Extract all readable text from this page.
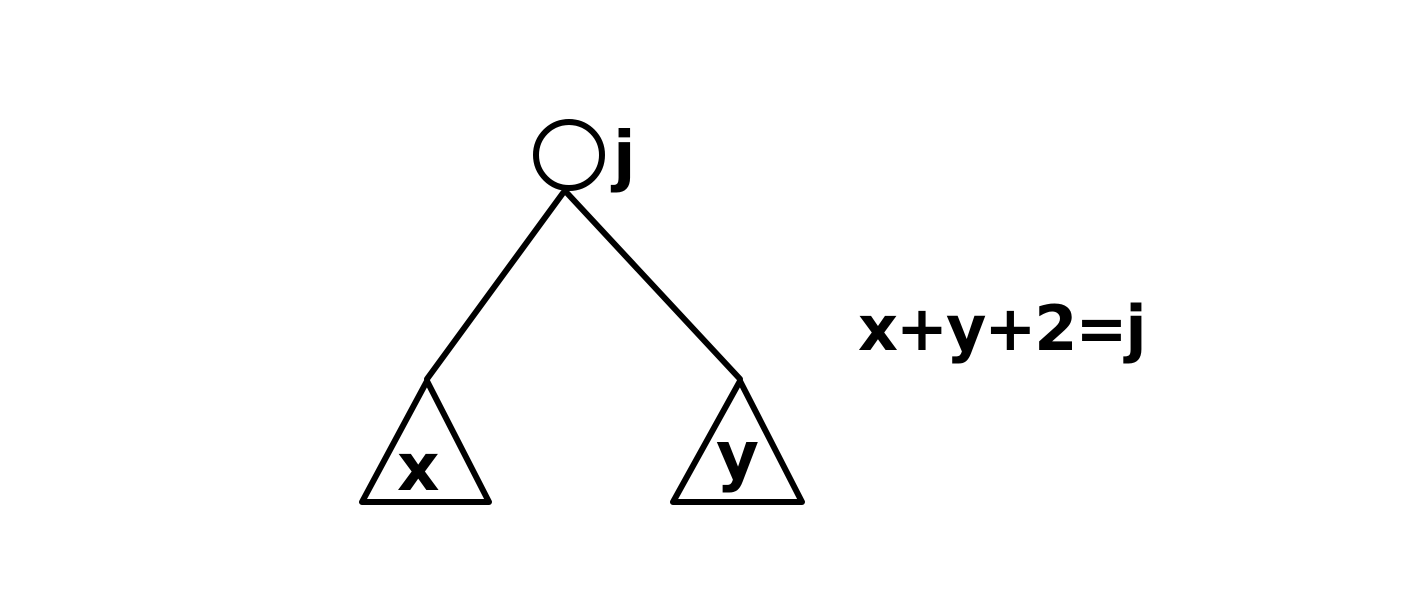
j
x	y
x+y+2=j
